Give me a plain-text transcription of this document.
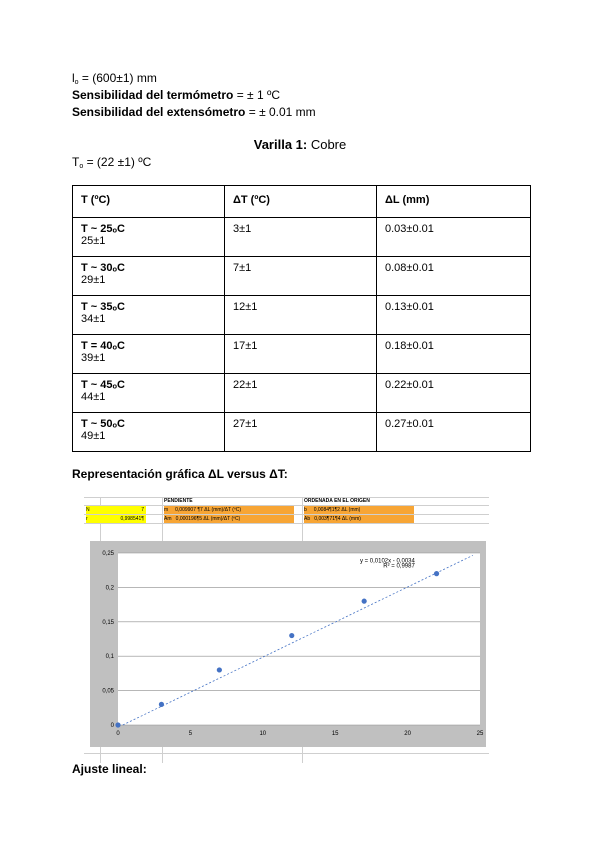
$l_o = (600\pm 1)$ mm
Sensibilidad del termómetro = ± 1 ºC
Sensibilidad del extensómetro = ± 0.01 mm
Varilla 1: Cobre
$T_o = (22 \pm 1)$ ºC
T (ºC)	ΔT (ºC)	ΔL (mm)

T ~ 25ₒC
25±1	3±1	0.03±0.01

T ~ 30ₒC
29±1	7±1	0.08±0.01

T ~ 35ₒC
34±1	12±1	0.13±0.01

T = 40ₒC
39±1	17±1	0.18±0.01

T ~ 45ₒC
44±1	22±1	0.22±0.01

T ~ 50ₒC
49±1	27±1	0.27±0.01
Representación gráfica ΔL versus ΔT:
PENDIENTE	ORDENADA EN EL ORIGEN
N	7
r	0,998541¶
m 0,009907 ¶7 ΔL (mm)/ΔT (ºC)
Am 0,000196¶5 ΔL (mm)/ΔT (ºC)
b 0,0084¶1¶2 ΔL (mm)
Ab 0,003¶71¶4 ΔL (mm)
0
0,05
0,1
0,15
0,2
0,25
0	5	10	15	20	25
y = 0,0102x - 0,0034
R² = 0,9987
Ajuste lineal:
